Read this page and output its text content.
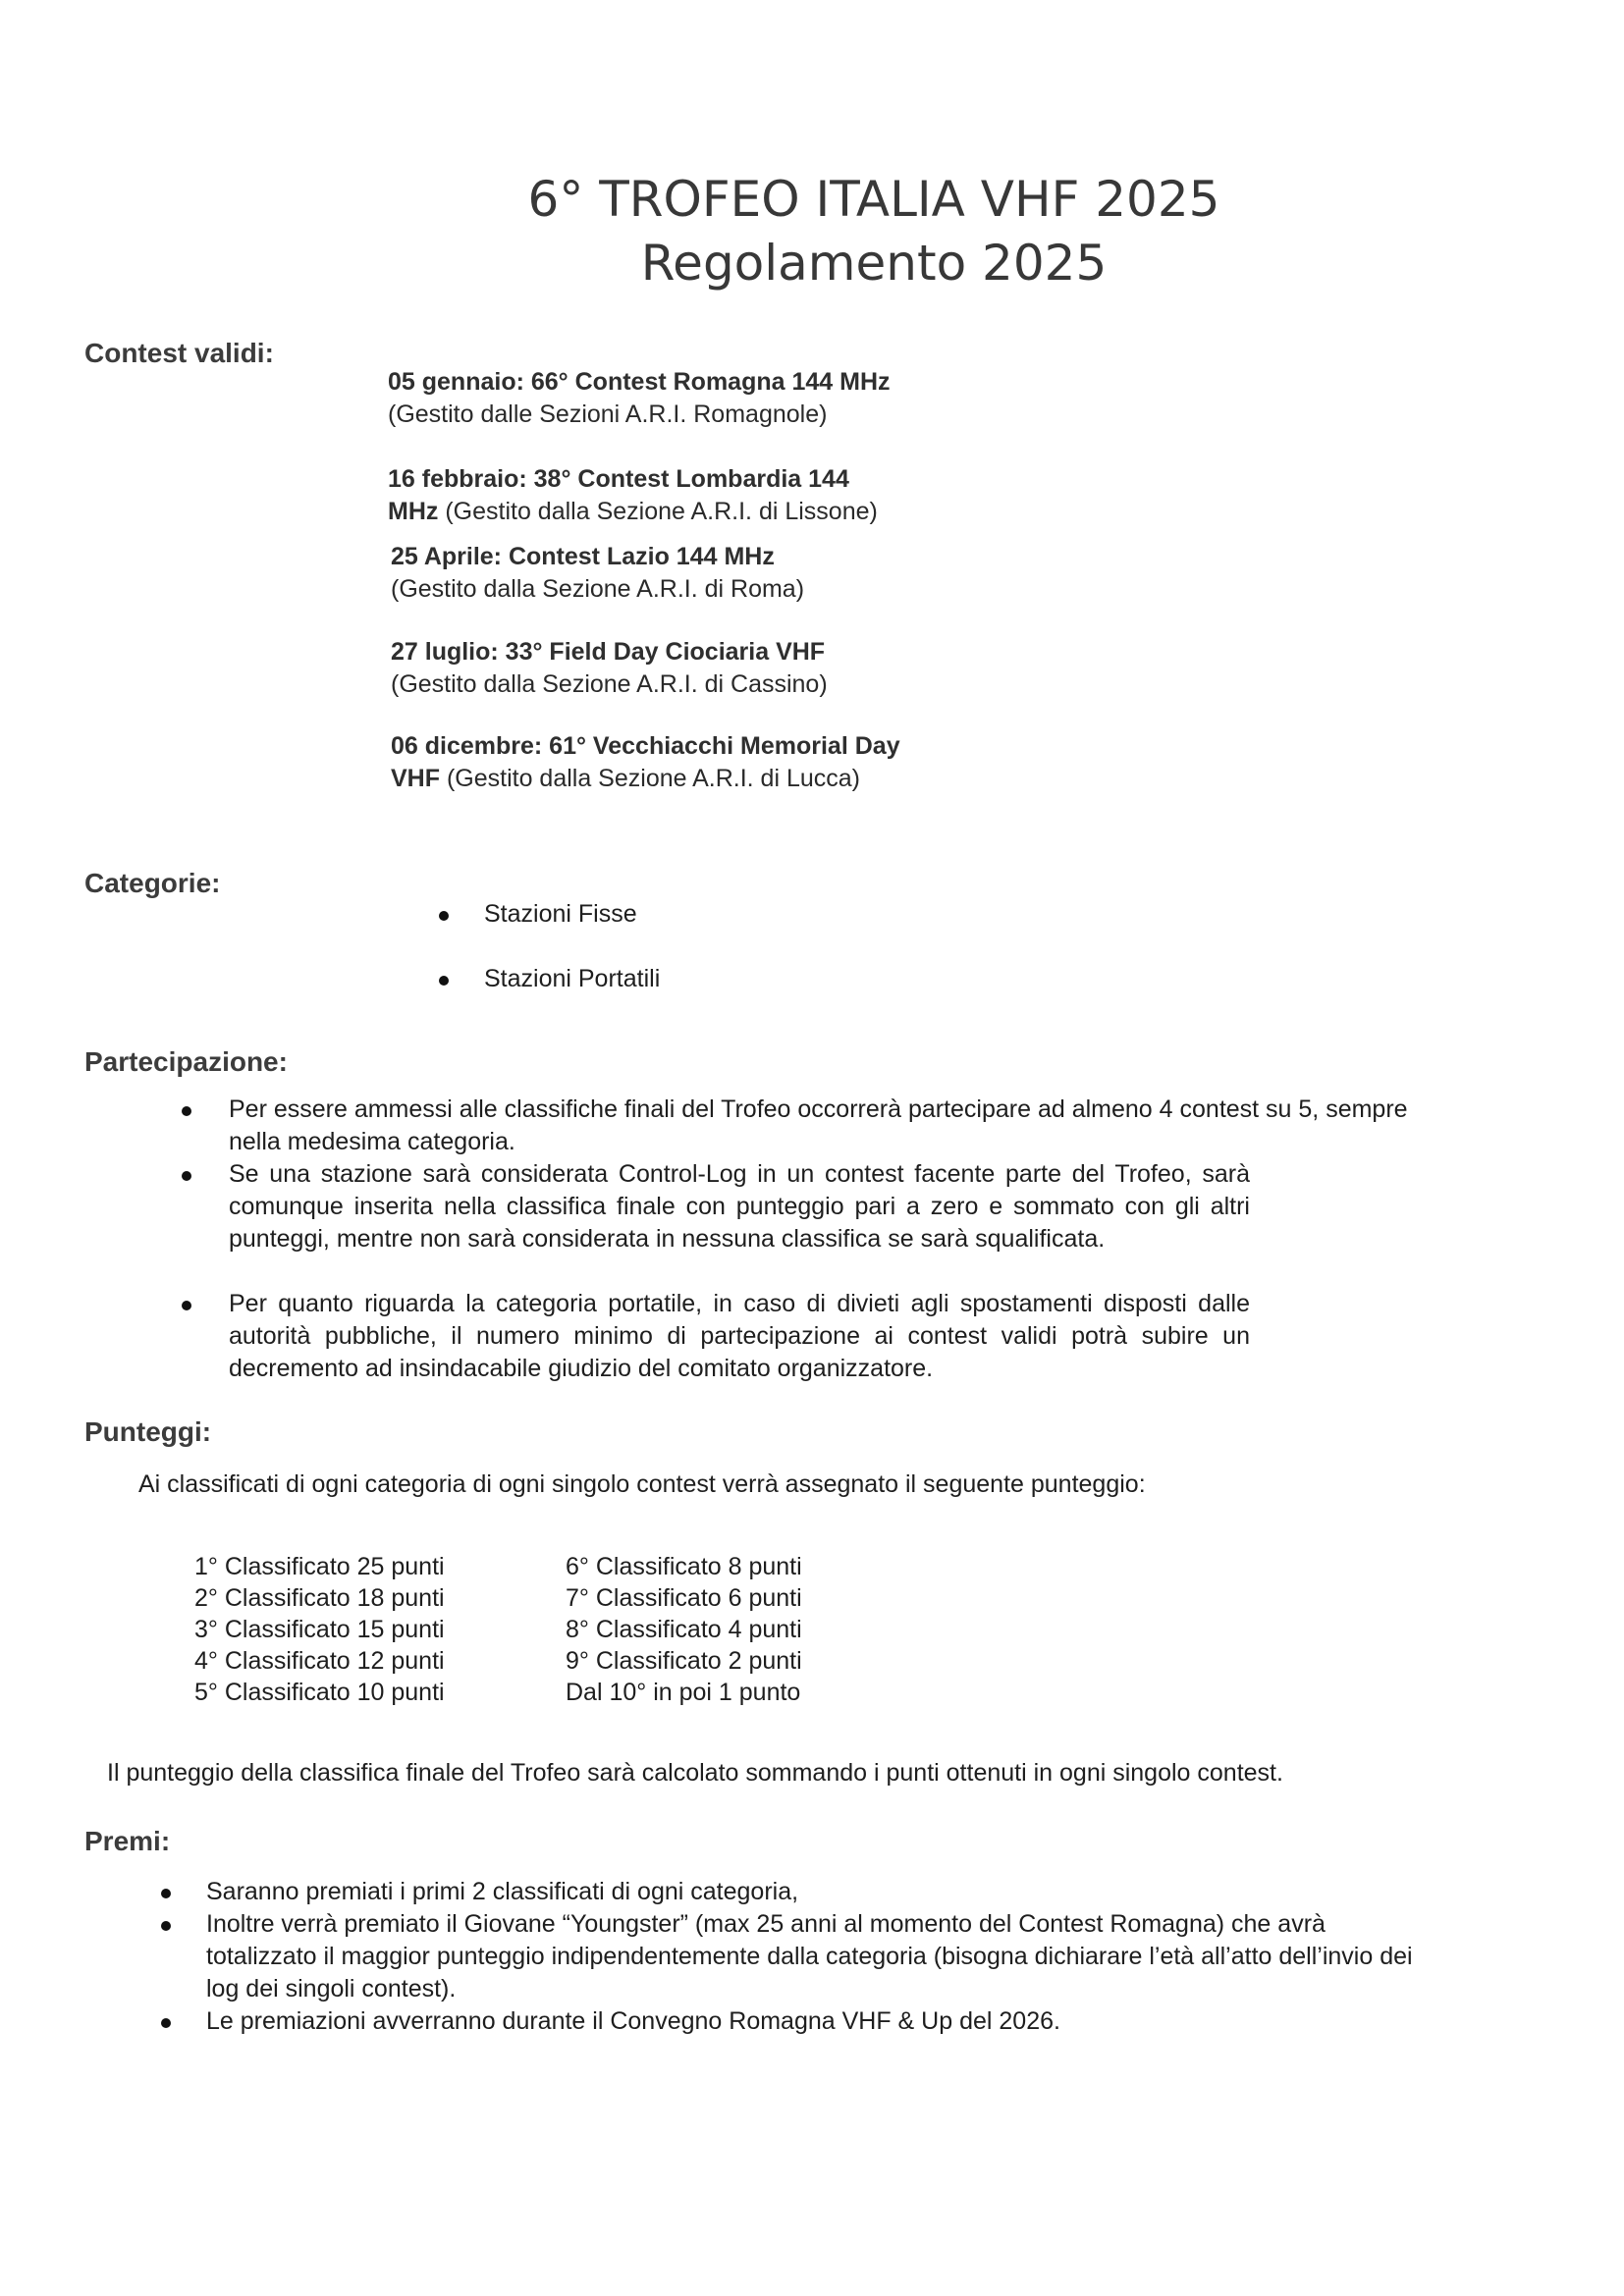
6° TROFEO ITALIA VHF 2025
Regolamento 2025
Contest validi:
05 gennaio: 66° Contest Romagna 144 MHz
(Gestito dalle Sezioni A.R.I. Romagnole)
16 febbraio: 38° Contest Lombardia 144
MHz (Gestito dalla Sezione A.R.I. di Lissone)
25 Aprile: Contest Lazio 144 MHz
(Gestito dalla Sezione A.R.I. di Roma)
27 luglio: 33° Field Day Ciociaria VHF
(Gestito dalla Sezione A.R.I. di Cassino)
06 dicembre: 61° Vecchiacchi Memorial Day
VHF (Gestito dalla Sezione A.R.I. di Lucca)
Categorie:
Stazioni Fisse
Stazioni Portatili
Partecipazione:
Per essere ammessi alle classifiche finali del Trofeo occorrerà partecipare ad almeno 4 contest su 5, sempre nella medesima categoria.
Se una stazione sarà considerata Control-Log in un contest facente parte del Trofeo, sarà comunque inserita nella classifica finale con punteggio pari a zero e sommato con gli altri punteggi, mentre non sarà considerata in nessuna classifica se sarà squalificata.
Per quanto riguarda la categoria portatile, in caso di divieti agli spostamenti disposti dalle autorità pubbliche, il numero minimo di partecipazione ai contest validi potrà subire un decremento ad insindacabile giudizio del comitato organizzatore.
Punteggi:
Ai classificati di ogni categoria di ogni singolo contest verrà assegnato il seguente punteggio:
1° Classificato 25 punti
2° Classificato 18 punti
3° Classificato 15 punti
4° Classificato 12 punti
5° Classificato 10 punti
6° Classificato 8 punti
7° Classificato 6 punti
8° Classificato 4 punti
9° Classificato 2 punti
Dal 10° in poi 1 punto
Il punteggio della classifica finale del Trofeo sarà calcolato sommando i punti ottenuti in ogni singolo contest.
Premi:
Saranno premiati i primi 2 classificati di ogni categoria,
Inoltre verrà premiato il Giovane “Youngster” (max 25 anni al momento del Contest Romagna) che avrà totalizzato il maggior punteggio indipendentemente dalla categoria (bisogna dichiarare l’età all’atto dell’invio dei log dei singoli contest).
Le premiazioni avverranno durante il Convegno Romagna VHF & Up del 2026.
